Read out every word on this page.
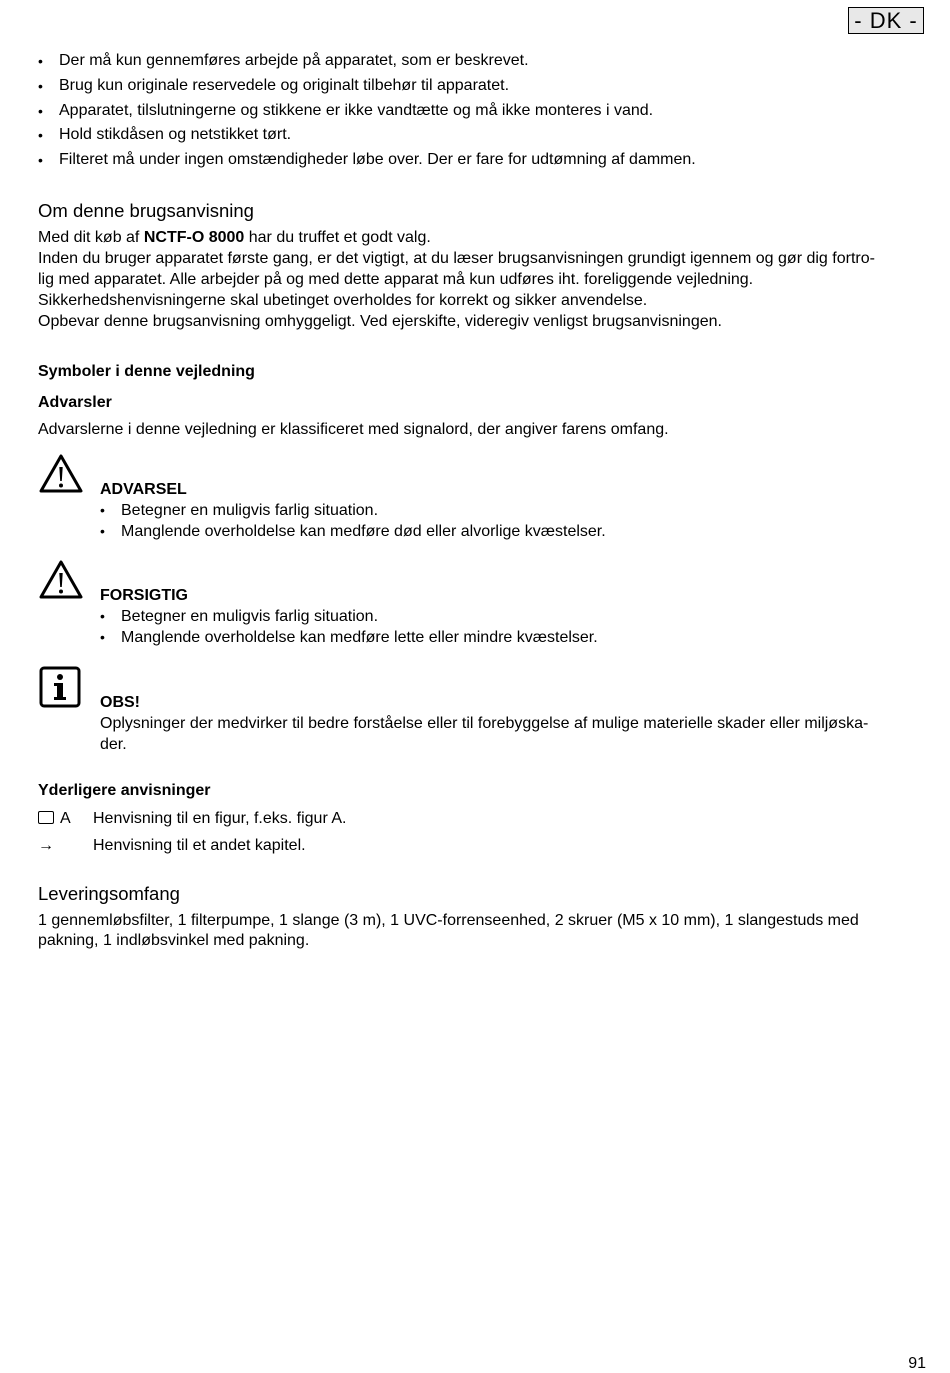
- DK -
• Der må kun gennemføres arbejde på apparatet, som er beskrevet.
• Brug kun originale reservedele og originalt tilbehør til apparatet.
• Apparatet, tilslutningerne og stikkene er ikke vandtætte og må ikke monteres i vand.
• Hold stikdåsen og netstikket tørt.
• Filteret må under ingen omstændigheder løbe over. Der er fare for udtømning af dammen.
Om denne brugsanvisning

Med dit køb af NCTF-O 8000 har du truffet et godt valg.

Inden du bruger apparatet første gang, er det vigtigt, at du læser brugsanvisningen grundigt igennem og gør dig fortro-

lig med apparatet. Alle arbejder på og med dette apparat må kun udføres iht. foreliggende vejledning.

Sikkerhedshenvisningerne skal ubetinget overholdes for korrekt og sikker anvendelse.

Opbevar denne brugsanvisning omhyggeligt. Ved ejerskifte, videregiv venligst brugsanvisningen.

Symboler i denne vejledning
Advarsler
Advarslerne i denne vejledning er klassificeret med signalord, der angiver farens omfang.
ADVARSEL
• Betegner en muligvis farlig situation.
• Manglende overholdelse kan medføre død eller alvorlige kvæstelser.
FORSIGTIG
• Betegner en muligvis farlig situation.
• Manglende overholdelse kan medføre lette eller mindre kvæstelser.
OBS!
Oplysninger der medvirker til bedre forståelse eller til forebyggelse af mulige materielle skader eller miljøska-
der.
Yderligere anvisninger
A	Henvisning til en figur, f.eks. figur A.
→	Henvisning til et andet kapitel.
Leveringsomfang

1 gennemløbsfilter, 1 filterpumpe, 1 slange (3 m), 1 UVC-forrenseenhed, 2 skruer (M5 x 10 mm), 1 slangestuds med

pakning, 1 indløbsvinkel med pakning.

91
